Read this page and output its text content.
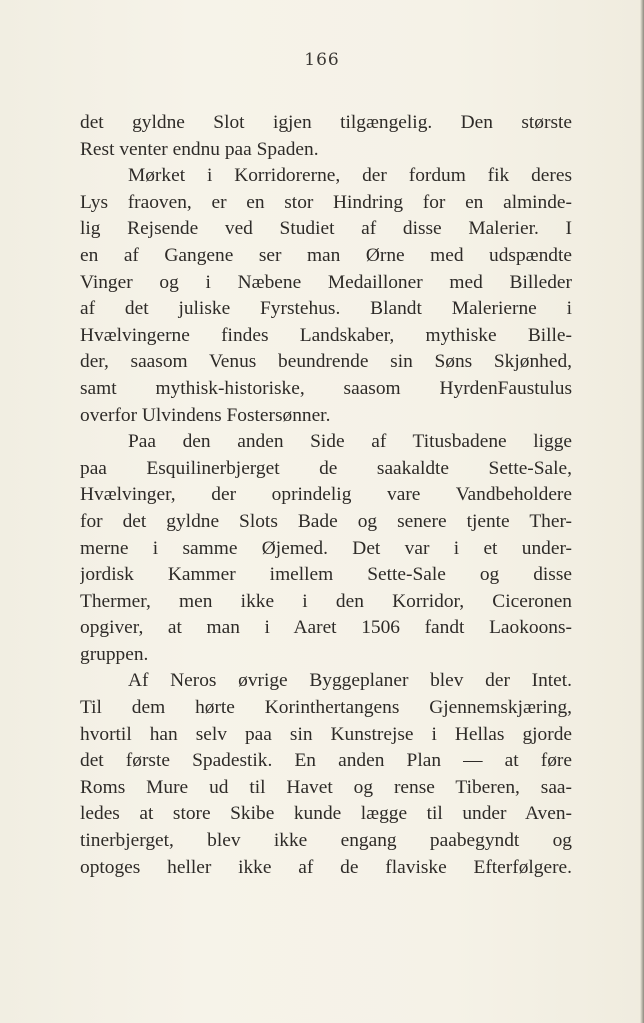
166
det gyldne Slot igjen tilgængelig. Den største
Rest venter endnu paa Spaden.
Mørket i Korridorerne, der fordum fik deres
Lys fraoven, er en stor Hindring for en alminde-
lig Rejsende ved Studiet af disse Malerier. I
en af Gangene ser man Ørne med udspændte
Vinger og i Næbene Medailloner med Billeder
af det juliske Fyrstehus. Blandt Malerierne i
Hvælvingerne findes Landskaber, mythiske Bille-
der, saasom Venus beundrende sin Søns Skjønhed,
samt mythisk-historiske, saasom HyrdenFaustulus
overfor Ulvindens Fostersønner.
Paa den anden Side af Titusbadene ligge
paa Esquilinerbjerget de saakaldte Sette-Sale,
Hvælvinger, der oprindelig vare Vandbeholdere
for det gyldne Slots Bade og senere tjente Ther-
merne i samme Øjemed. Det var i et under-
jordisk Kammer imellem Sette-Sale og disse
Thermer, men ikke i den Korridor, Ciceronen
opgiver, at man i Aaret 1506 fandt Laokoons-
gruppen.
Af Neros øvrige Byggeplaner blev der Intet.
Til dem hørte Korinthertangens Gjennemskjæring,
hvortil han selv paa sin Kunstrejse i Hellas gjorde
det første Spadestik. En anden Plan — at føre
Roms Mure ud til Havet og rense Tiberen, saa-
ledes at store Skibe kunde lægge til under Aven-
tinerbjerget, blev ikke engang paabegyndt og
optoges heller ikke af de flaviske Efterfølgere.
